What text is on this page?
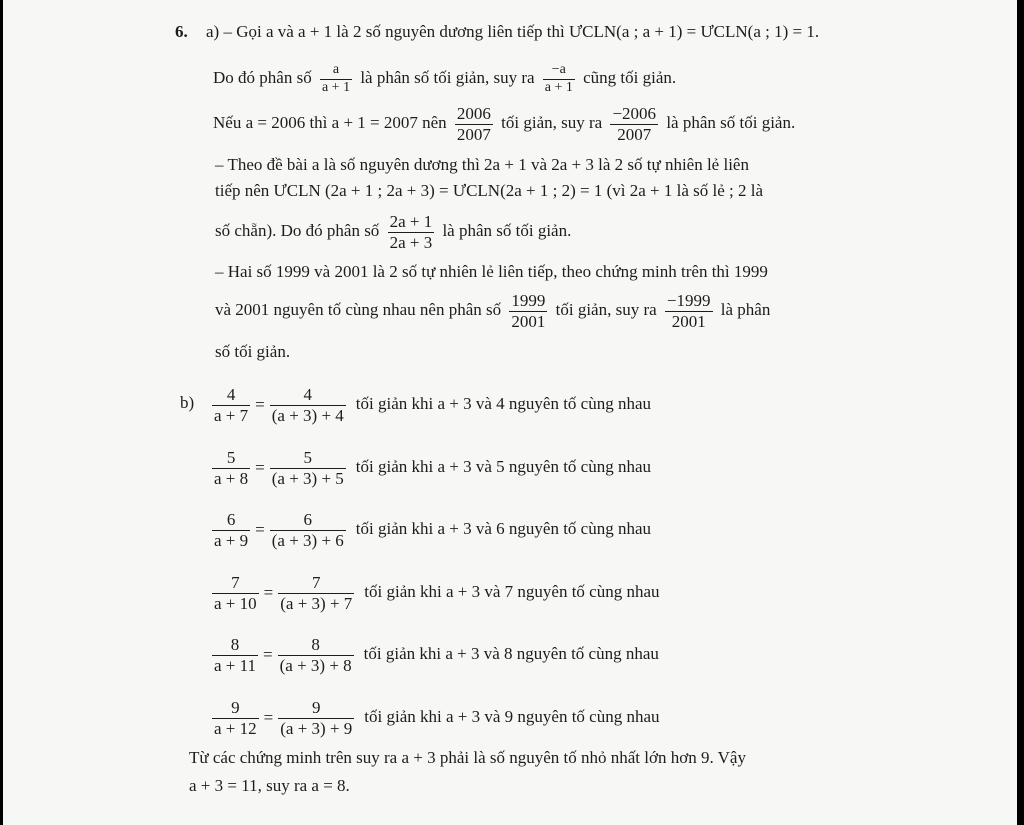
6. a) – Gọi a và a + 1 là 2 số nguyên dương liên tiếp thì ƯCLN(a ; a + 1) = ƯCLN(a ; 1) = 1.
Do đó phân số $\frac{a}{a + 1}$ là phân số tối giản, suy ra $\frac{-a}{a + 1}$ cũng tối giản.
Nếu a = 2006 thì a + 1 = 2007 nên $\frac{2006}{2007}$ tối giản, suy ra $\frac{-2006}{2007}$ là phân số tối giản.
– Theo đề bài a là số nguyên dương thì 2a + 1 và 2a + 3 là 2 số tự nhiên lẻ liên
tiếp nên ƯCLN (2a + 1 ; 2a + 3) = ƯCLN(2a + 1 ; 2) = 1 (vì 2a + 1 là số lẻ ; 2 là
số chẵn). Do đó phân số $\frac{2a + 1}{2a + 3}$ là phân số tối giản.
– Hai số 1999 và 2001 là 2 số tự nhiên lẻ liên tiếp, theo chứng minh trên thì 1999
và 2001 nguyên tố cùng nhau nên phân số $\frac{1999}{2001}$ tối giản, suy ra $\frac{-1999}{2001}$ là phân
số tối giản.
$b) \frac{4}{a + 7} = \frac{4}{(a + 3) + 4}$ tối giản khi a + 3 và 4 nguyên tố cùng nhau
$\frac{5}{a + 8} = \frac{5}{(a + 3) + 5}$ tối giản khi a + 3 và 5 nguyên tố cùng nhau
$\frac{6}{a + 9} = \frac{6}{(a + 3) + 6}$ tối giản khi a + 3 và 6 nguyên tố cùng nhau
$\frac{7}{a + 10} = \frac{7}{(a + 3) + 7}$ tối giản khi a + 3 và 7 nguyên tố cùng nhau
$\frac{8}{a + 11} = \frac{8}{(a + 3) + 8}$ tối giản khi a + 3 và 8 nguyên tố cùng nhau
$\frac{9}{a + 12} = \frac{9}{(a + 3) + 9}$ tối giản khi a + 3 và 9 nguyên tố cùng nhau
Từ các chứng minh trên suy ra a + 3 phải là số nguyên tố nhỏ nhất lớn hơn 9. Vậy
a + 3 = 11, suy ra a = 8.
